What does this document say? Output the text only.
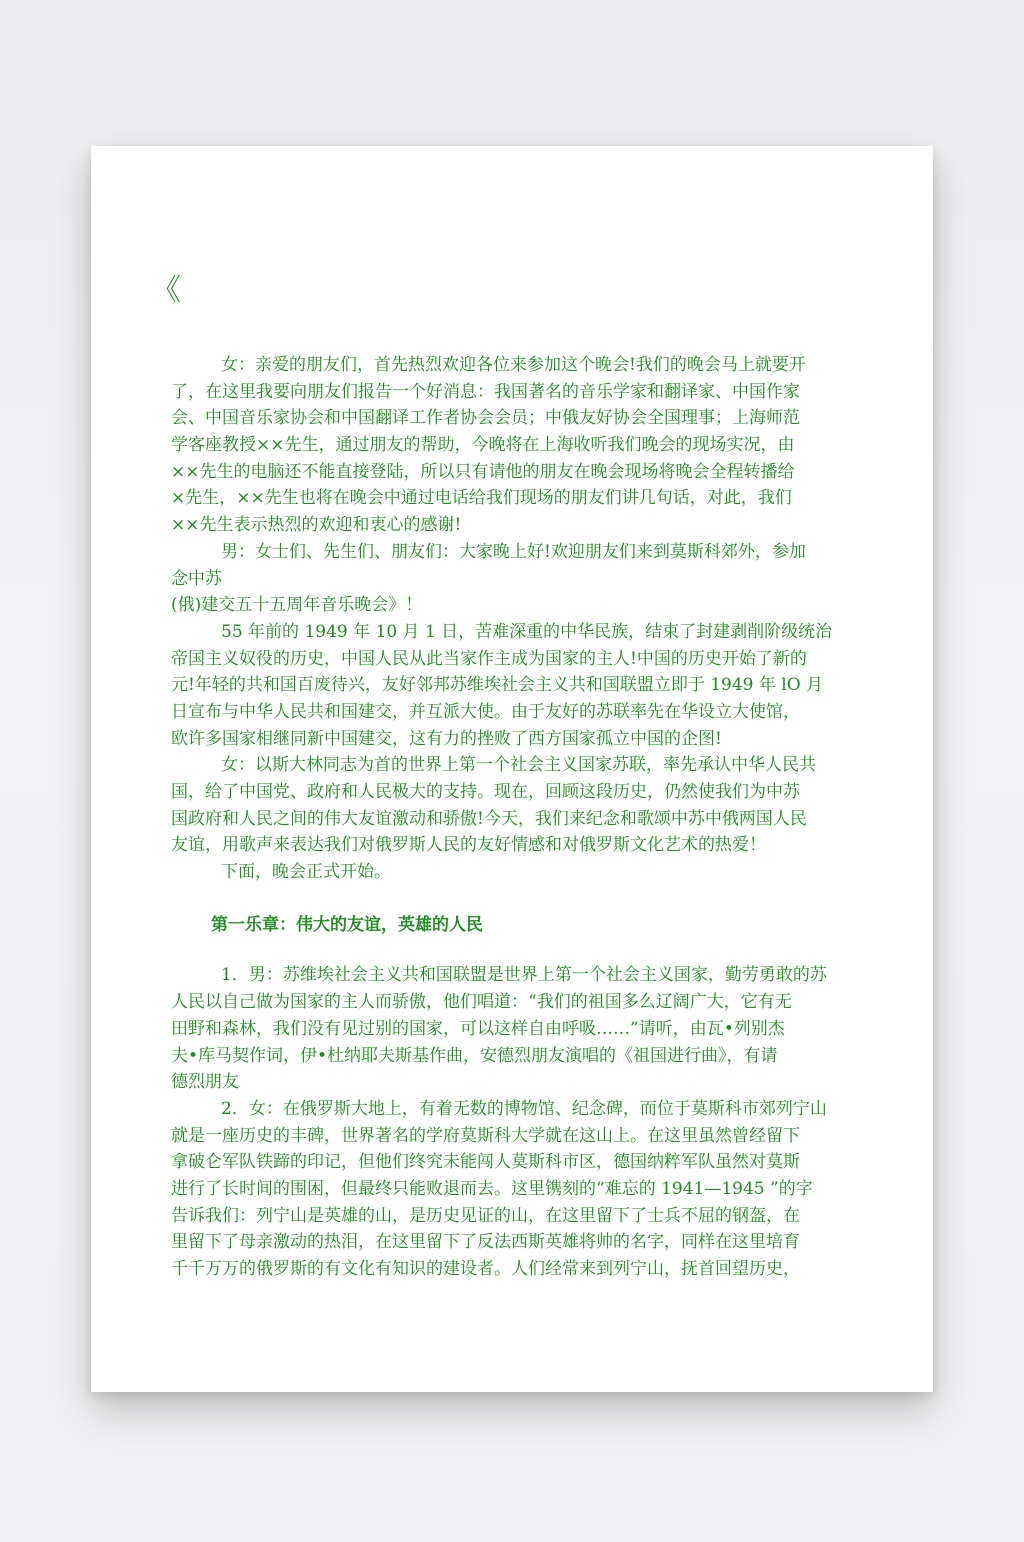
《
女：亲爱的朋友们，首先热烈欢迎各位来参加这个晚会!我们的晚会马上就要开
了，在这里我要向朋友们报告一个好消息：我国著名的音乐学家和翻译家、中国作家
会、中国音乐家协会和中国翻译工作者协会会员；中俄友好协会全国理事；上海师范
学客座教授××先生，通过朋友的帮助，今晚将在上海收听我们晚会的现场实况，由
××先生的电脑还不能直接登陆，所以只有请他的朋友在晚会现场将晚会全程转播给
×先生，××先生也将在晚会中通过电话给我们现场的朋友们讲几句话，对此，我们
××先生表示热烈的欢迎和衷心的感谢!
男：女士们、先生们、朋友们：大家晚上好!欢迎朋友们来到莫斯科郊外，参加
念中苏
(俄)建交五十五周年音乐晚会》！
55 年前的 1949 年 10 月 1 日，苦难深重的中华民族，结束了封建剥削阶级统治
帝国主义奴役的历史，中国人民从此当家作主成为国家的主人!中国的历史开始了新的
元!年轻的共和国百废待兴，友好邻邦苏维埃社会主义共和国联盟立即于 1949 年 lO 月
日宣布与中华人民共和国建交，并互派大使。由于友好的苏联率先在华设立大使馆，
欧许多国家相继同新中国建交，这有力的挫败了西方国家孤立中国的企图!
女：以斯大林同志为首的世界上第一个社会主义国家苏联，率先承认中华人民共
国，给了中国党、政府和人民极大的支持。现在，回顾这段历史，仍然使我们为中苏
国政府和人民之间的伟大友谊激动和骄傲!今天，我们来纪念和歌颂中苏中俄两国人民
友谊，用歌声来表达我们对俄罗斯人民的友好情感和对俄罗斯文化艺术的热爱！
下面，晚会正式开始。
第一乐章：伟大的友谊，英雄的人民
1．男：苏维埃社会主义共和国联盟是世界上第一个社会主义国家，勤劳勇敢的苏
人民以自己做为国家的主人而骄傲，他们唱道：“我们的祖国多么辽阔广大，它有无
田野和森林，我们没有见过别的国家，可以这样自由呼吸……”请听，由瓦•列别杰
夫•库马契作词，伊•杜纳耶夫斯基作曲，安德烈朋友演唱的《祖国进行曲》，有请
德烈朋友
2．女：在俄罗斯大地上，有着无数的博物馆、纪念碑，而位于莫斯科市郊列宁山
就是一座历史的丰碑，世界著名的学府莫斯科大学就在这山上。在这里虽然曾经留下
拿破仑军队铁蹄的印记，但他们终究未能闯人莫斯科市区，德国纳粹军队虽然对莫斯
进行了长时间的围困，但最终只能败退而去。这里镌刻的“难忘的 1941—1945 ”的字
告诉我们：列宁山是英雄的山，是历史见证的山，在这里留下了士兵不屈的钢盔，在
里留下了母亲激动的热泪，在这里留下了反法西斯英雄将帅的名字，同样在这里培育
千千万万的俄罗斯的有文化有知识的建设者。人们经常来到列宁山，抚首回望历史，
